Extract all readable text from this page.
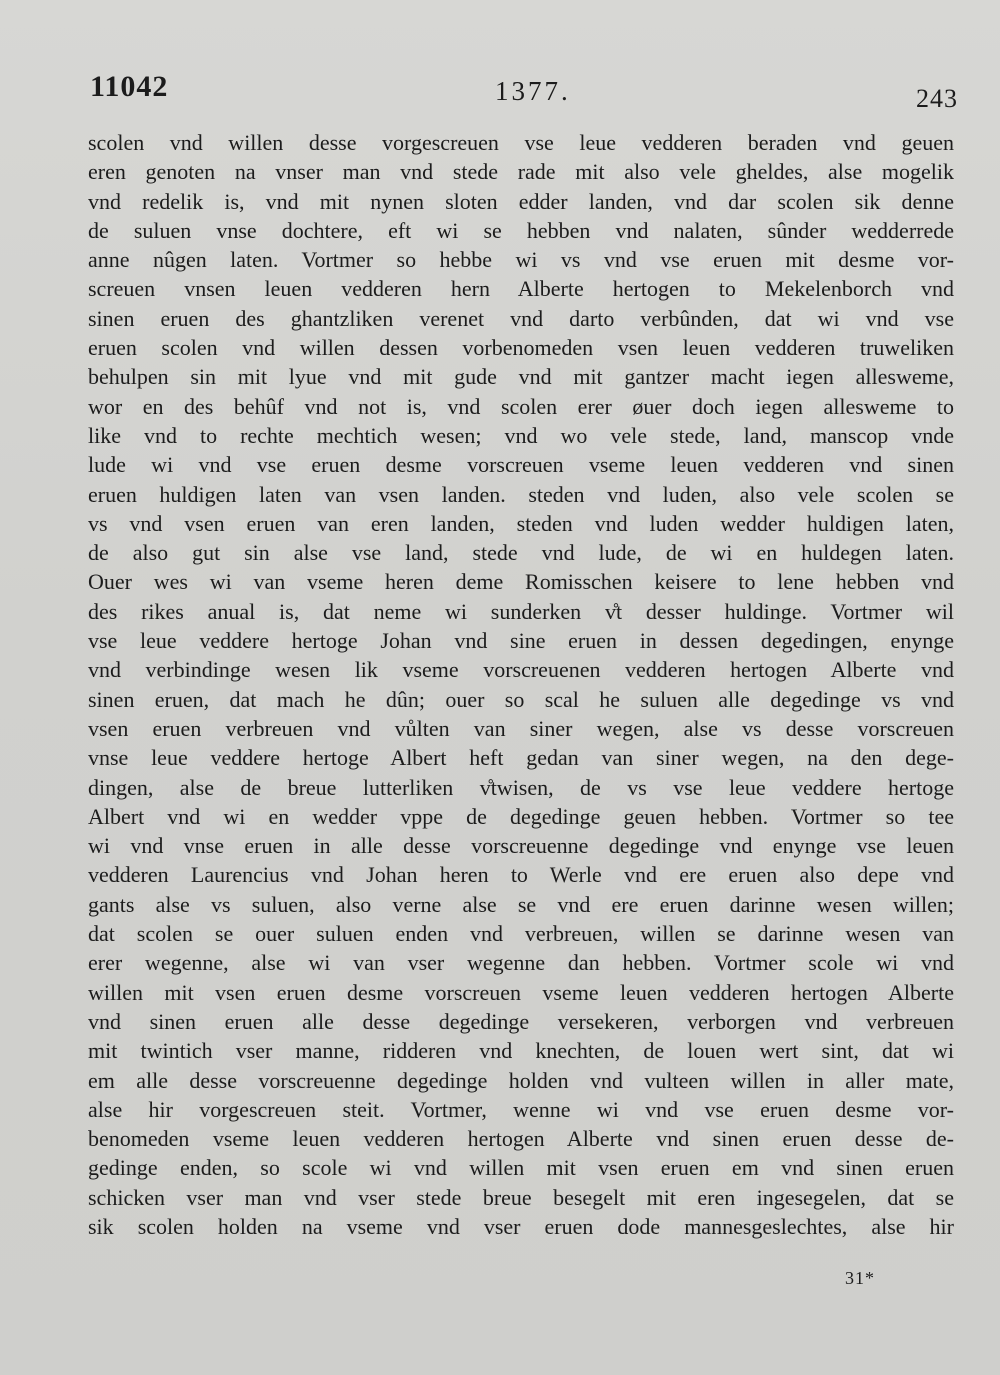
11042	1377.	243
scolen vnd willen desse vorgescreuen vse leue vedderen beraden vnd geuen
eren genoten na vnser man vnd stede rade mit also vele gheldes, alse mogelik
vnd redelik is, vnd mit nynen sloten edder landen, vnd dar scolen sik denne
de suluen vnse dochtere, eft wi se hebben vnd nalaten, sûnder wedderrede
anne nûgen laten. Vortmer so hebbe wi vs vnd vse eruen mit desme vor-
screuen vnsen leuen vedderen hern Alberte hertogen to Mekelenborch vnd
sinen eruen des ghantzliken verenet vnd darto verbûnden, dat wi vnd vse
eruen scolen vnd willen dessen vorbenomeden vsen leuen vedderen truweliken
behulpen sin mit lyue vnd mit gude vnd mit gantzer macht iegen allesweme,
wor en des behûf vnd not is, vnd scolen erer øuer doch iegen allesweme to
like vnd to rechte mechtich wesen; vnd wo vele stede, land, manscop vnde
lude wi vnd vse eruen desme vorscreuen vseme leuen vedderen vnd sinen
eruen huldigen laten van vsen landen. steden vnd luden, also vele scolen se
vs vnd vsen eruen van eren landen, steden vnd luden wedder huldigen laten,
de also gut sin alse vse land, stede vnd lude, de wi en huldegen laten.
Ouer wes wi van vseme heren deme Romisschen keisere to lene hebben vnd
des rikes anual is, dat neme wi sunderken v̊t desser huldinge. Vortmer wil
vse leue veddere hertoge Johan vnd sine eruen in dessen degedingen, enynge
vnd verbindinge wesen lik vseme vorscreuenen vedderen hertogen Alberte vnd
sinen eruen, dat mach he dûn; ouer so scal he suluen alle degedinge vs vnd
vsen eruen verbreuen vnd vůlten van siner wegen, alse vs desse vorscreuen
vnse leue veddere hertoge Albert heft gedan van siner wegen, na den dege-
dingen, alse de breue lutterliken v̊twisen, de vs vse leue veddere hertoge
Albert vnd wi en wedder vppe de degedinge geuen hebben. Vortmer so tee
wi vnd vnse eruen in alle desse vorscreuenne degedinge vnd enynge vse leuen
vedderen Laurencius vnd Johan heren to Werle vnd ere eruen also depe vnd
gants alse vs suluen, also verne alse se vnd ere eruen darinne wesen willen;
dat scolen se ouer suluen enden vnd verbreuen, willen se darinne wesen van
erer wegenne, alse wi van vser wegenne dan hebben. Vortmer scole wi vnd
willen mit vsen eruen desme vorscreuen vseme leuen vedderen hertogen Alberte
vnd sinen eruen alle desse degedinge versekeren, verborgen vnd verbreuen
mit twintich vser manne, ridderen vnd knechten, de louen wert sint, dat wi
em alle desse vorscreuenne degedinge holden vnd vulteen willen in aller mate,
alse hir vorgescreuen steit. Vortmer, wenne wi vnd vse eruen desme vor-
benomeden vseme leuen vedderen hertogen Alberte vnd sinen eruen desse de-
gedinge enden, so scole wi vnd willen mit vsen eruen em vnd sinen eruen
schicken vser man vnd vser stede breue besegelt mit eren ingesegelen, dat se
sik scolen holden na vseme vnd vser eruen dode mannesgeslechtes, alse hir
31*
